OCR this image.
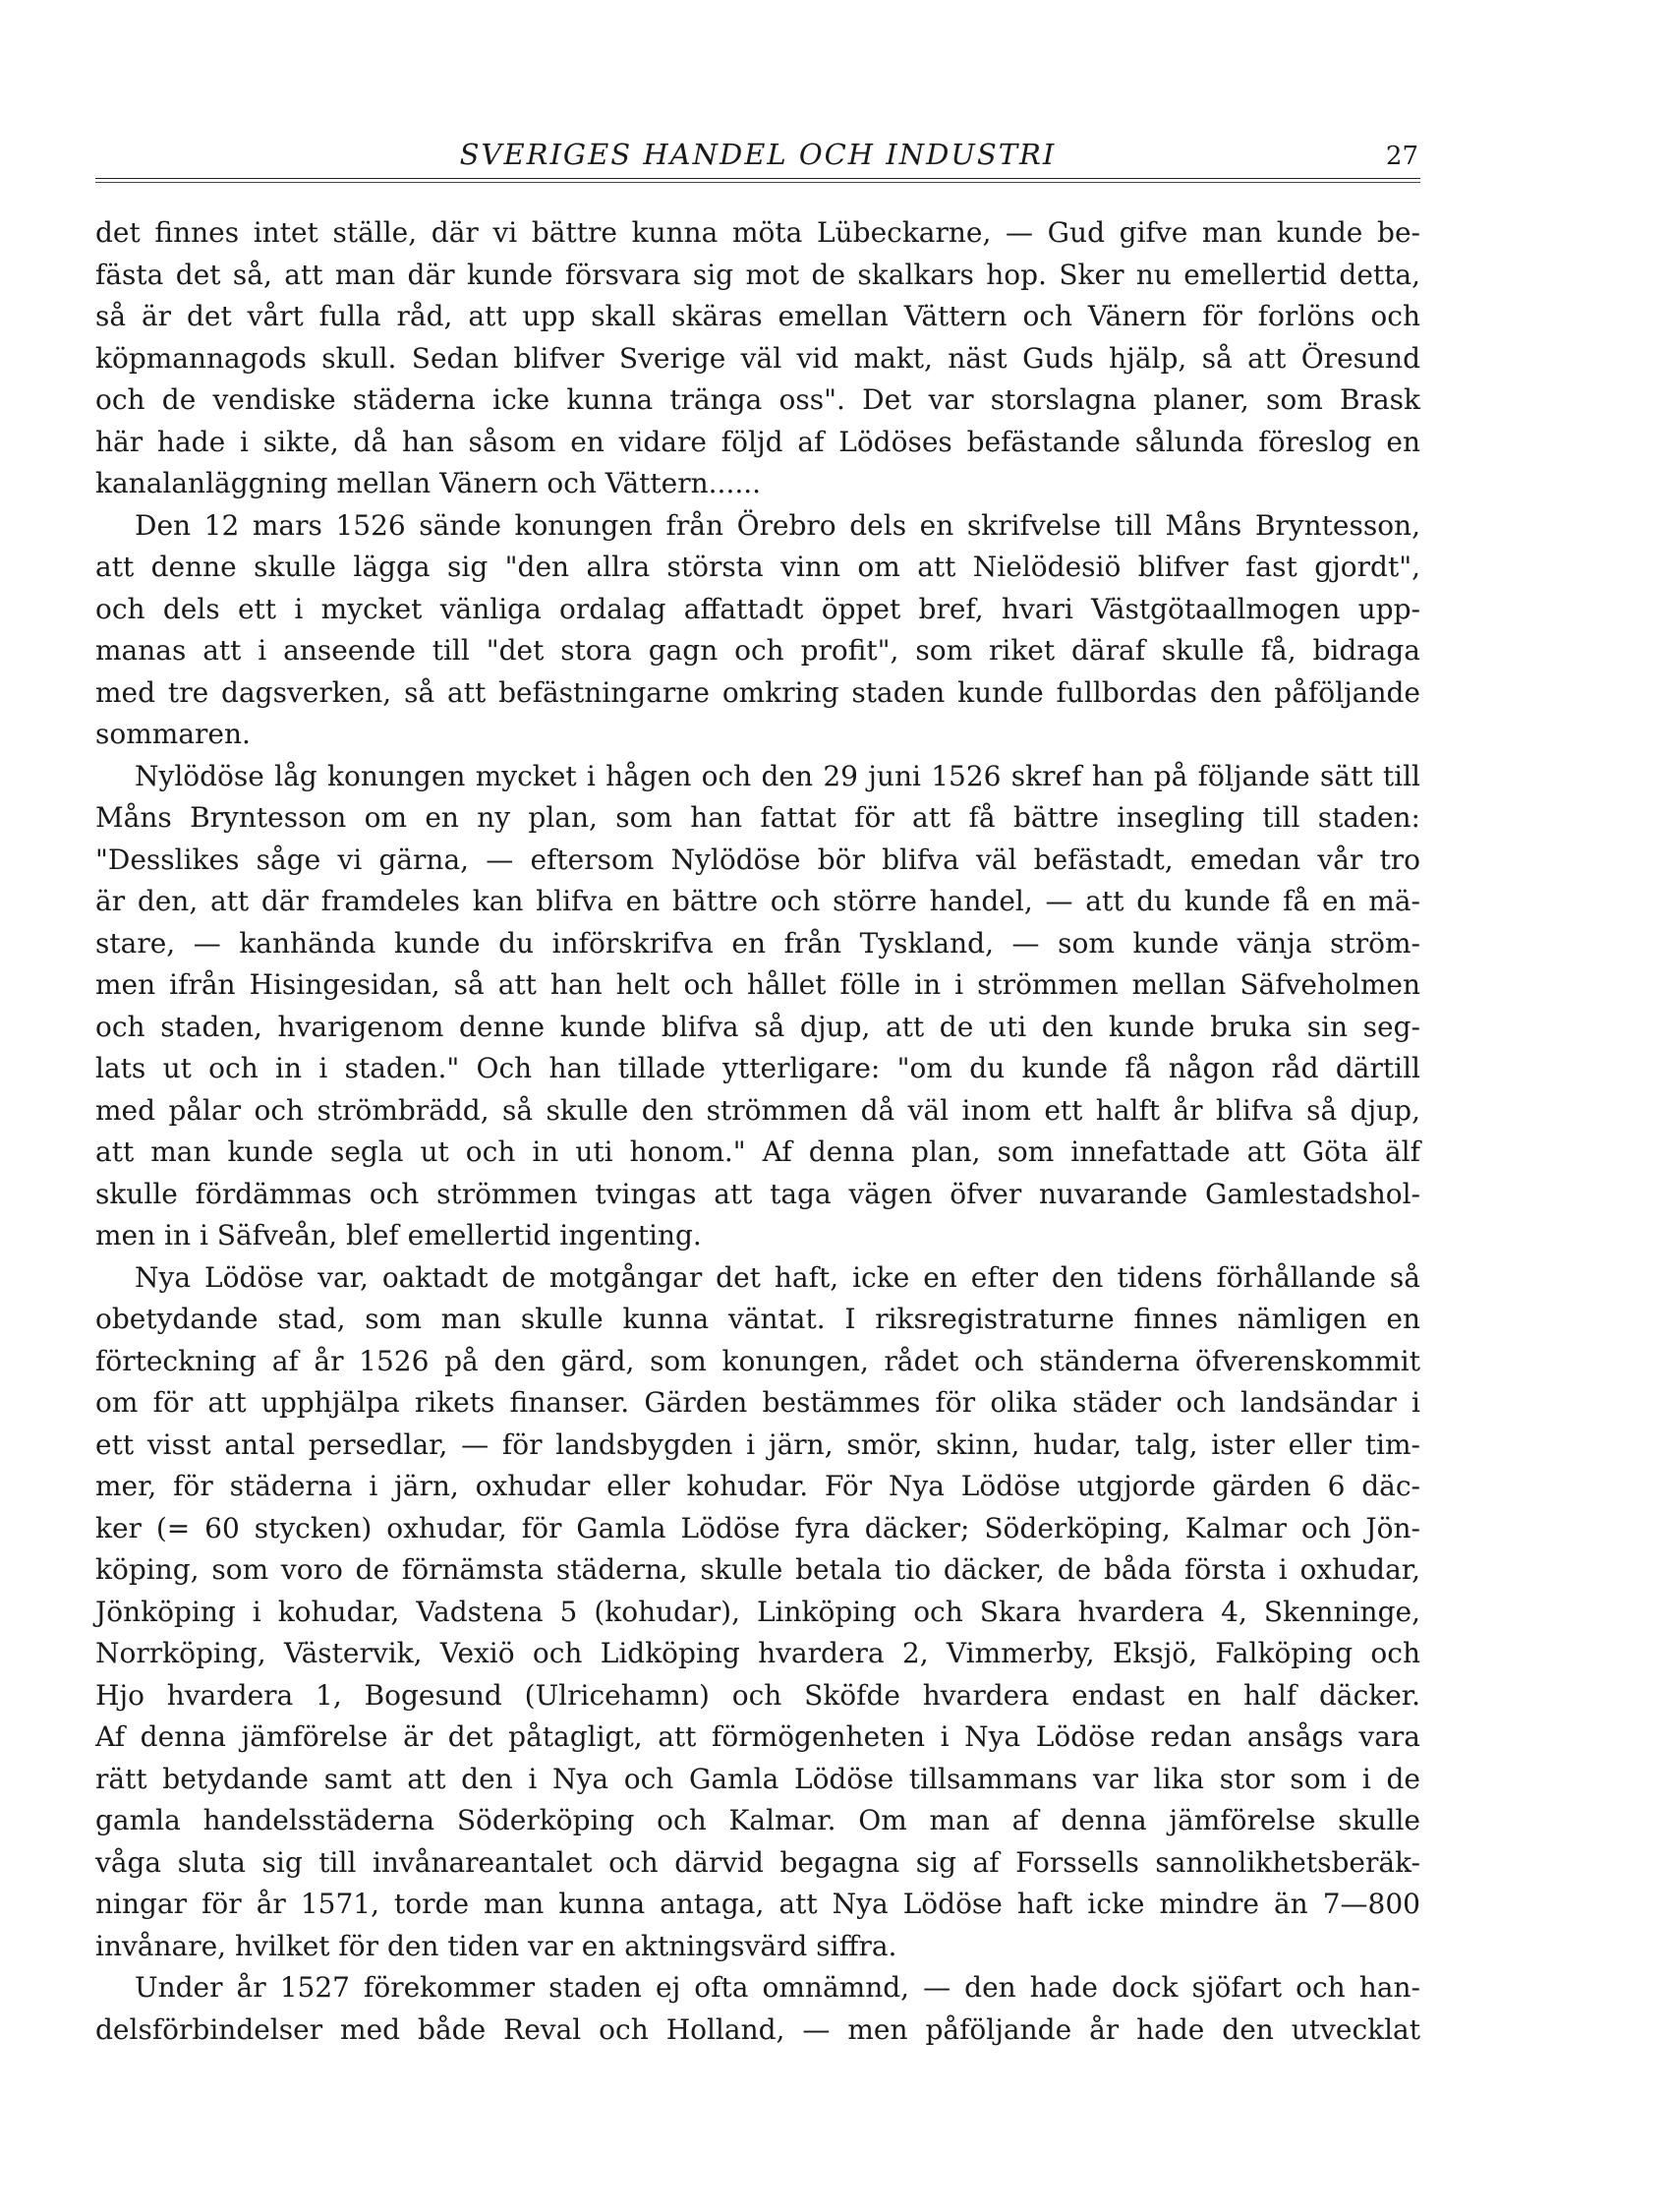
SVERIGES HANDEL OCH INDUSTRI	27
det finnes intet ställe, där vi bättre kunna möta Lübeckarne, — Gud gifve man kunde be-
fästa det så, att man där kunde försvara sig mot de skalkars hop. Sker nu emellertid detta,
så är det vårt fulla råd, att upp skall skäras emellan Vättern och Vänern för forlöns och
köpmannagods skull. Sedan blifver Sverige väl vid makt, näst Guds hjälp, så att Öresund
och de vendiske städerna icke kunna tränga oss". Det var storslagna planer, som Brask
här hade i sikte, då han såsom en vidare följd af Lödöses befästande sålunda föreslog en
kanalanläggning mellan Vänern och Vättern......
Den 12 mars 1526 sände konungen från Örebro dels en skrifvelse till Måns Bryntesson,
att denne skulle lägga sig "den allra största vinn om att Nielödesiö blifver fast gjordt",
och dels ett i mycket vänliga ordalag affattadt öppet bref, hvari Västgötaallmogen upp-
manas att i anseende till "det stora gagn och profit", som riket däraf skulle få, bidraga
med tre dagsverken, så att befästningarne omkring staden kunde fullbordas den påföljande
sommaren.
Nylödöse låg konungen mycket i hågen och den 29 juni 1526 skref han på följande sätt till
Måns Bryntesson om en ny plan, som han fattat för att få bättre insegling till staden:
"Desslikes såge vi gärna, — eftersom Nylödöse bör blifva väl befästadt, emedan vår tro
är den, att där framdeles kan blifva en bättre och större handel, — att du kunde få en mä-
stare, — kanhända kunde du införskrifva en från Tyskland, — som kunde vänja ström-
men ifrån Hisingesidan, så att han helt och hållet fölle in i strömmen mellan Säfveholmen
och staden, hvarigenom denne kunde blifva så djup, att de uti den kunde bruka sin seg-
lats ut och in i staden." Och han tillade ytterligare: "om du kunde få någon råd därtill
med pålar och strömbrädd, så skulle den strömmen då väl inom ett halft år blifva så djup,
att man kunde segla ut och in uti honom." Af denna plan, som innefattade att Göta älf
skulle fördämmas och strömmen tvingas att taga vägen öfver nuvarande Gamlestadshol-
men in i Säfveån, blef emellertid ingenting.
Nya Lödöse var, oaktadt de motgångar det haft, icke en efter den tidens förhållande så
obetydande stad, som man skulle kunna väntat. I riksregistraturne finnes nämligen en
förteckning af år 1526 på den gärd, som konungen, rådet och ständerna öfverenskommit
om för att upphjälpa rikets finanser. Gärden bestämmes för olika städer och landsändar i
ett visst antal persedlar, — för landsbygden i järn, smör, skinn, hudar, talg, ister eller tim-
mer, för städerna i järn, oxhudar eller kohudar. För Nya Lödöse utgjorde gärden 6 däc-
ker (= 60 stycken) oxhudar, för Gamla Lödöse fyra däcker; Söderköping, Kalmar och Jön-
köping, som voro de förnämsta städerna, skulle betala tio däcker, de båda första i oxhudar,
Jönköping i kohudar, Vadstena 5 (kohudar), Linköping och Skara hvardera 4, Skenninge,
Norrköping, Västervik, Vexiö och Lidköping hvardera 2, Vimmerby, Eksjö, Falköping och
Hjo hvardera 1, Bogesund (Ulricehamn) och Sköfde hvardera endast en half däcker.
Af denna jämförelse är det påtagligt, att förmögenheten i Nya Lödöse redan ansågs vara
rätt betydande samt att den i Nya och Gamla Lödöse tillsammans var lika stor som i de
gamla handelsstäderna Söderköping och Kalmar. Om man af denna jämförelse skulle
våga sluta sig till invånareantalet och därvid begagna sig af Forssells sannolikhetsberäk-
ningar för år 1571, torde man kunna antaga, att Nya Lödöse haft icke mindre än 7—800
invånare, hvilket för den tiden var en aktningsvärd siffra.
Under år 1527 förekommer staden ej ofta omnämnd, — den hade dock sjöfart och han-
delsförbindelser med både Reval och Holland, — men påföljande år hade den utvecklat
